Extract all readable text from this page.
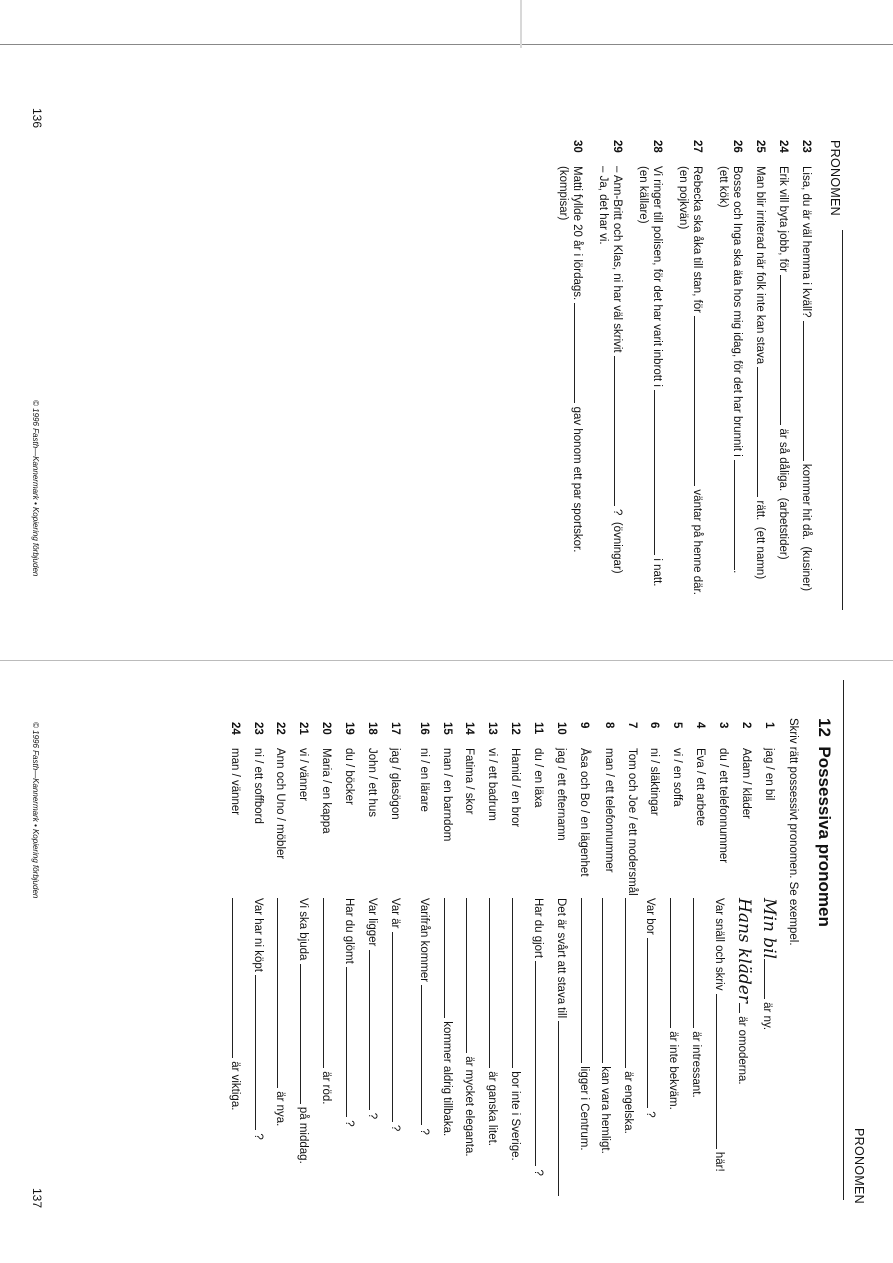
PRONOMEN
136
© 1996 Fasth—Kannermark • Kopiering förbjuden
23Lisa, du är väl hemma i kväll?  kommer hit då.  (kusiner)
24Erik vill byta jobb, för  är så dåliga.  (arbetstider)
25Man blir irriterad när folk inte kan stava  rätt.  (ett namn)
26Bosse och Inga ska äta hos mig idag, för det har brunnit i .
(ett kök)
27Rebecka ska åka till stan, för  väntar på henne där.
(en pojkvän)
28Vi ringer till polisen, för det har varit inbrott i  i natt.
(en källare)
29– Ann-Britt och Klas, ni har väl skrivit  ?  (övningar)
– Ja, det har vi.
30Matti fyllde 20 år i lördags.  gav honom ett par sportskor.
(kompisar)
PRONOMEN
137
© 1996 Fasth—Kannermark • Kopiering förbjuden	12  Possessiva pronomen
Skriv rätt possessivt pronomen. Se exempel.
1jag / en bil
2Adam / kläder
3du / ett telefonnummer
4Eva / ett arbete
5vi / en soffa
6ni / släktingar
7Tom och Joe / ett modersmål
8man / ett telefonnummer
9Åsa och Bo / en lägenhet
10jag / ett efternamn
11du / en läxa
12Hamid / en bror
13vi / ett badrum
14Fatima / skor
15man / en barndom
16ni / en lärare
17jag / glasögon
18John / ett hus
19du / böcker
20Maria / en kappa
21vi / vänner
22Ann och Uno / möbler
23ni / ett soffbord
24man / vänner
Min bil är ny.
Hans kläder är omoderna.
Var snäll och skriv  här!
är intressant.
är inte bekväm.
Var bor  ?
är engelska.
kan vara hemligt.
ligger i Centrum.
Det är svårt att stava till
Har du gjort  ?
bor inte i Sverige.
är ganska litet.
är mycket eleganta.
kommer aldrig tillbaka.
Varifrån kommer  ?
Var är  ?
Var ligger  ?
Har du glömt  ?
är röd.
Vi ska bjuda  på middag.
är nya.
Var har ni köpt  ?
är viktiga.
